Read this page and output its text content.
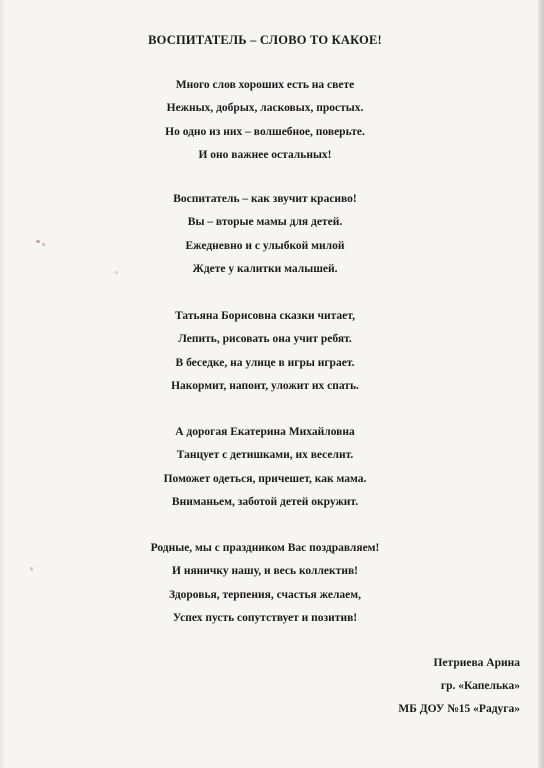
ВОСПИТАТЕЛЬ – СЛОВО ТО КАКОЕ!
Много слов хороших есть на свете
Нежных, добрых, ласковых, простых.
Но одно из них – волшебное, поверьте.
И оно важнее остальных!
Воспитатель – как звучит красиво!
Вы – вторые мамы для детей.
Ежедневно и с улыбкой милой
Ждете у калитки малышей.
Татьяна Борисовна сказки читает,
Лепить, рисовать она учит ребят.
В беседке, на улице в игры играет.
Накормит, напоит, уложит их спать.
А дорогая Екатерина Михайловна
Танцует с детишками, их веселит.
Поможет одеться, причешет, как мама.
Вниманьем, заботой детей окружит.
Родные, мы с праздником Вас поздравляем!
И няничку нашу, и весь коллектив!
Здоровья, терпения, счастья желаем,
Успех пусть сопутствует и позитив!
Петриева Арина
гр. «Капелька»
МБ ДОУ №15 «Радуга»
